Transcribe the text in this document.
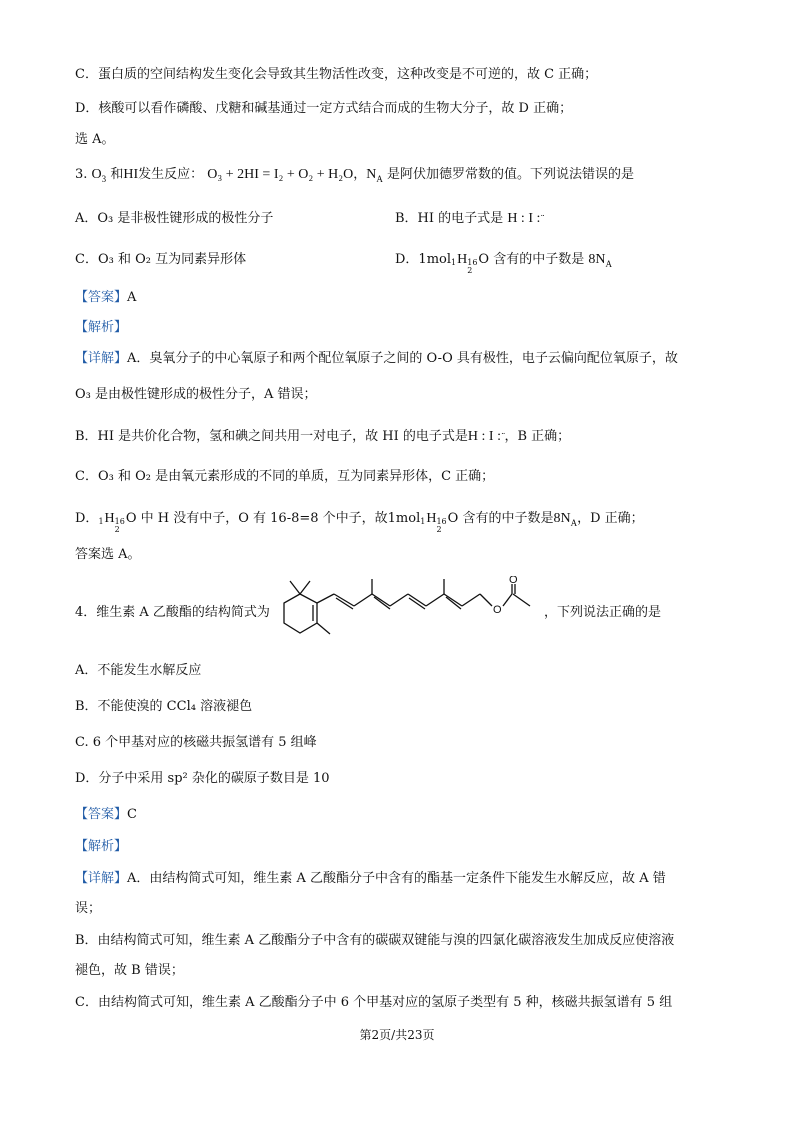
C．蛋白质的空间结构发生变化会导致其生物活性改变，这种改变是不可逆的，故 C 正确；
D．核酸可以看作磷酸、戊糖和碱基通过一定方式结合而成的生物大分子，故 D 正确；
选 A。
3. $O_3$ 和HI发生反应： O₃ + 2HI = I₂ + O₂ + H₂O，$N_A$ 是阿伏加德罗常数的值。下列说法错误的是
A．O₃ 是非极性键形成的极性分子	B．HI 的电子式是 H : I :¨
C．O₃ 和 O₂ 互为同素异形体	D．1mol 1
H 16
2
O 含有的中子数是 $8N_A$
【答案】A
【解析】
【详解】A．臭氧分子的中心氧原子和两个配位氧原子之间的 O-O 具有极性，电子云偏向配位氧原子，故
O₃ 是由极性键形成的极性分子，A 错误；
B．HI 是共价化合物，氢和碘之间共用一对电子，故 HI 的电子式是H : I :¨，B 正确；
C．O₃ 和 O₂ 是由氧元素形成的不同的单质，互为同素异形体，C 正确；
D． 1
H 16
2
O 中 H 没有中子，O 有 16-8=8 个中子，故1mol 1
H 16
2
O 含有的中子数是$8N_A$，D 正确；
答案选 A。
4．维生素 A 乙酸酯的结构简式为	O
O
，下列说法正确的是
A．不能发生水解反应
B．不能使溴的 CCl₄ 溶液褪色
C. 6 个甲基对应的核磁共振氢谱有 5 组峰
D．分子中采用 sp² 杂化的碳原子数目是 10
【答案】C
【解析】
【详解】A．由结构简式可知，维生素 A 乙酸酯分子中含有的酯基一定条件下能发生水解反应，故 A 错
误；
B．由结构简式可知，维生素 A 乙酸酯分子中含有的碳碳双键能与溴的四氯化碳溶液发生加成反应使溶液
褪色，故 B 错误；
C．由结构简式可知，维生素 A 乙酸酯分子中 6 个甲基对应的氢原子类型有 5 种，核磁共振氢谱有 5 组
第2页/共23页
